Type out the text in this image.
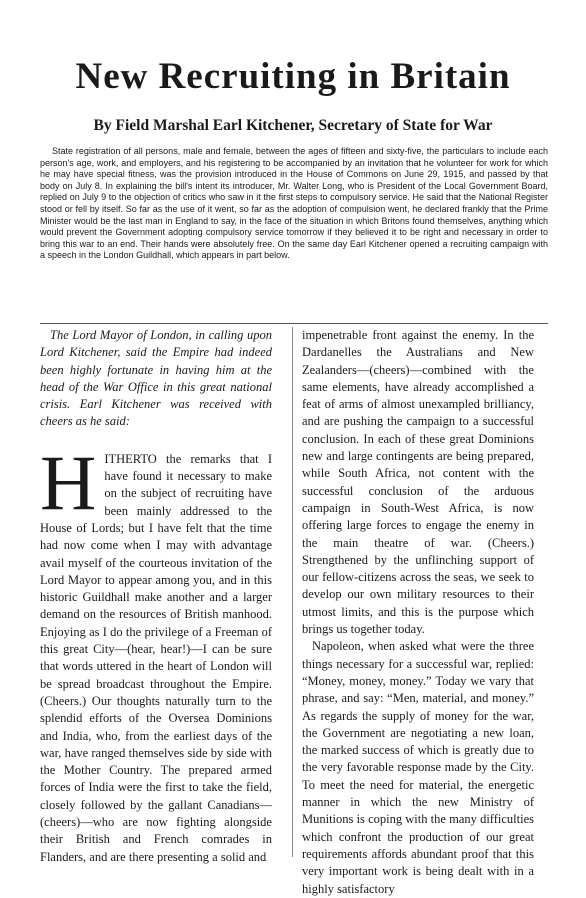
New Recruiting in Britain
By Field Marshal Earl Kitchener, Secretary of State for War

State registration of all persons, male and female, between the ages of fifteen and sixty-five, the particulars to include each person's age, work, and employers, and his registering to be accompanied by an invitation that he volunteer for work for which he may have special fitness, was the provision introduced in the House of Commons on June 29, 1915, and passed by that body on July 8. In explaining the bill's intent its introducer, Mr. Walter Long, who is President of the Local Government Board, replied on July 9 to the objection of critics who saw in it the first steps to compulsory service. He said that the National Register stood or fell by itself. So far as the use of it went, so far as the adoption of compulsion went, he declared frankly that the Prime Minister would be the last man in England to say, in the face of the situation in which Britons found themselves, anything which would prevent the Government adopting compulsory service tomorrow if they believed it to be right and necessary in order to bring this war to an end. Their hands were absolutely free. On the same day Earl Kitchener opened a recruiting campaign with a speech in the London Guildhall, which appears in part below.

The Lord Mayor of London, in calling upon Lord Kitchener, said the Empire had indeed been highly fortunate in having him at the head of the War Office in this great national crisis. Earl Kitchener was received with cheers as he said:

HITHERTO the remarks that I have found it necessary to make on the subject of recruiting have been mainly addressed to the House of Lords; but I have felt that the time had now come when I may with advantage avail myself of the courteous invitation of the Lord Mayor to appear among you, and in this historic Guildhall make another and a larger demand on the resources of British manhood. Enjoying as I do the privilege of a Freeman of this great City—(hear, hear!)—I can be sure that words uttered in the heart of London will be spread broadcast throughout the Empire. (Cheers.) Our thoughts naturally turn to the splendid efforts of the Oversea Dominions and India, who, from the earliest days of the war, have ranged themselves side by side with the Mother Country. The prepared armed forces of India were the first to take the field, closely followed by the gallant Canadians—(cheers)—who are now fighting alongside their British and French comrades in Flanders, and are there presenting a solid and

impenetrable front against the enemy. In the Dardanelles the Australians and New Zealanders—(cheers)—combined with the same elements, have already accomplished a feat of arms of almost unexampled brilliancy, and are pushing the campaign to a successful conclusion. In each of these great Dominions new and large contingents are being prepared, while South Africa, not content with the successful conclusion of the arduous campaign in South-West Africa, is now offering large forces to engage the enemy in the main theatre of war. (Cheers.) Strengthened by the unflinching support of our fellow-citizens across the seas, we seek to develop our own military resources to their utmost limits, and this is the purpose which brings us together today.

Napoleon, when asked what were the three things necessary for a successful war, replied: “Money, money, money.” Today we vary that phrase, and say: “Men, material, and money.” As regards the supply of money for the war, the Government are negotiating a new loan, the marked success of which is greatly due to the very favorable response made by the City. To meet the need for material, the energetic manner in which the new Ministry of Munitions is coping with the many difficulties which confront the production of our great requirements affords abundant proof that this very important work is being dealt with in a highly satisfactory
